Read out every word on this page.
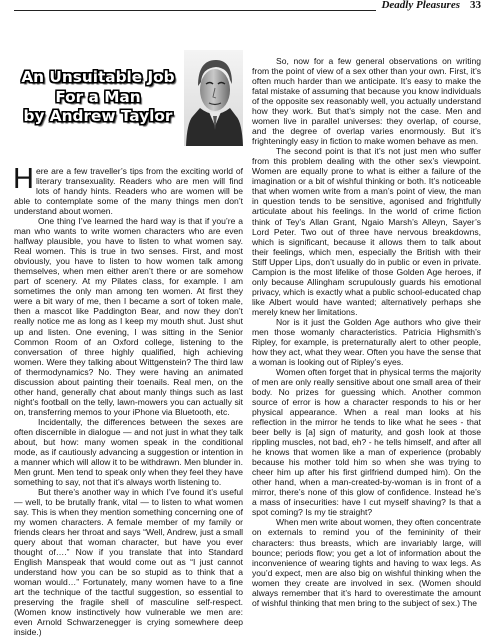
Deadly Pleasures 33
An Unsuitable Job
For a Man
by Andrew Taylor

Here are a few traveller’s tips from the exciting world of literary transexuality. Readers who are men will find lots of handy hints. Readers who are women will be able to contemplate some of the many things men don’t understand about women.

One thing I’ve learned the hard way is that if you’re a man who wants to write women characters who are even halfway plausible, you have to listen to what women say. Real women. This is true in two senses. First, and most obviously, you have to listen to how women talk among themselves, when men either aren’t there or are somehow part of scenery. At my Pilates class, for example. I am sometimes the only man among ten women. At first they were a bit wary of me, then I became a sort of token male, then a mascot like Paddington Bear, and now they don’t really notice me as long as I keep my mouth shut. Just shut up and listen. One evening, I was sitting in the Senior Common Room of an Oxford college, listening to the conversation of three highly qualified, high achieving women. Were they talking about Wittgenstein? The third law of thermodynamics? No. They were having an animated discussion about painting their toenails. Real men, on the other hand, generally chat about manly things such as last night’s football on the telly, lawn-mowers you can actually sit on, transferring memos to your iPhone via Bluetooth, etc.

Incidentally, the differences between the sexes are often discernible in dialogue — and not just in what they talk about, but how: many women speak in the conditional mode, as if cautiously advancing a suggestion or intention in a manner which will allow it to be withdrawn. Men blunder in. Men grunt. Men tend to speak only when they feel they have something to say, not that it’s always worth listening to.

But there’s another way in which I’ve found it’s useful — well, to be brutally frank, vital — to listen to what women say. This is when they mention something concerning one of my women characters. A female member of my family or friends clears her throat and says “Well, Andrew, just a small query about that woman character, but have you ever thought of….” Now if you translate that into Standard English Manspeak that would come out as “I just cannot understand how you can be so stupid as to think that a woman would…” Fortunately, many women have to a fine art the technique of the tactful suggestion, so essential to preserving the fragile shell of masculine self-respect. (Women know instinctively how vulnerable we men are: even Arnold Schwarzenegger is crying somewhere deep inside.)

So, now for a few general observations on writing from the point of view of a sex other than your own. First, it’s often much harder than we anticipate. It’s easy to make the fatal mistake of assuming that because you know individuals of the opposite sex reasonably well, you actually understand how they work. But that’s simply not the case. Men and women live in parallel universes: they overlap, of course, and the degree of overlap varies enormously. But it’s frighteningly easy in fiction to make women behave as men.

The second point is that it’s not just men who suffer from this problem dealing with the other sex’s viewpoint. Women are equally prone to what is either a failure of the imagination or a bit of wishful thinking or both. It’s noticeable that when women write from a man’s point of view, the man in question tends to be sensitive, agonised and frightfully articulate about his feelings. In the world of crime fiction think of Tey’s Allan Grant, Ngaio Marsh’s Alleyn, Sayer’s Lord Peter. Two out of three have nervous breakdowns, which is significant, because it allows them to talk about their feelings, which men, especially the British with their Stiff Upper Lips, don’t usually do in public or even in private. Campion is the most lifelike of those Golden Age heroes, if only because Allingham scrupulously guards his emotional privacy, which is exactly what a public school-educated chap like Albert would have wanted; alternatively perhaps she merely knew her limitations.

Nor is it just the Golden Age authors who give their men those womanly characteristics. Patricia Highsmith’s Ripley, for example, is preternaturally alert to other people, how they act, what they wear. Often you have the sense that a woman is looking out of Ripley’s eyes.

Women often forget that in physical terms the majority of men are only really sensitive about one small area of their body. No prizes for guessing which. Another common source of error is how a character responds to his or her physical appearance. When a real man looks at his reflection in the mirror he tends to like what he sees - that beer belly is [a] sign of maturity, and gosh look at those rippling muscles, not bad, eh? - he tells himself, and after all he knows that women like a man of experience (probably because his mother told him so when she was trying to cheer him up after his first girlfriend dumped him). On the other hand, when a man-created-by-woman is in front of a mirror, there’s none of this glow of confidence. Instead he’s a mass of insecurities: have I cut myself shaving? Is that a spot coming? Is my tie straight?

When men write about women, they often concentrate on externals to remind you of the femininity of their characters: thus breasts, which are invariably large, will bounce; periods flow; you get a lot of information about the inconvenience of wearing tights and having to wax legs. As you’d expect, men are also big on wishful thinking when the women they create are involved in sex. (Women should always remember that it’s hard to overestimate the amount of wishful thinking that men bring to the subject of sex.) The
